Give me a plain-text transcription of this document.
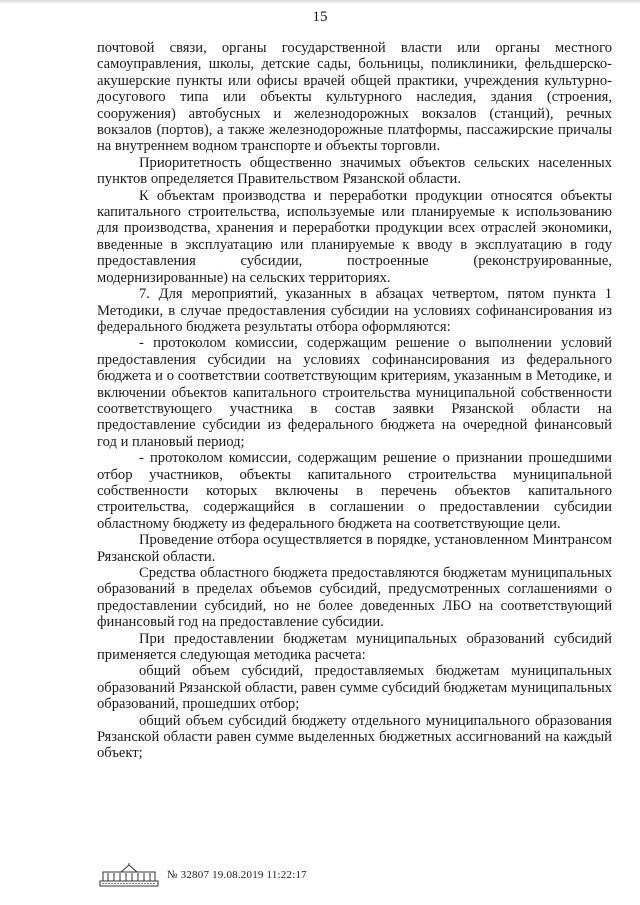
15

почтовой связи, органы государственной власти или органы местного самоуправления, школы, детские сады, больницы, поликлиники, фельдшерско-акушерские пункты или офисы врачей общей практики, учреждения культурно-досугового типа или объекты культурного наследия, здания (строения, сооружения) автобусных и железнодорожных вокзалов (станций), речных вокзалов (портов), а также железнодорожные платформы, пассажирские причалы на внутреннем водном транспорте и объекты торговли.

Приоритетность общественно значимых объектов сельских населенных пунктов определяется Правительством Рязанской области.

К объектам производства и переработки продукции относятся объекты капитального строительства, используемые или планируемые к использованию для производства, хранения и переработки продукции всех отраслей экономики, введенные в эксплуатацию или планируемые к вводу в эксплуатацию в году предоставления субсидии, построенные (реконструированные, модернизированные) на сельских территориях.

7. Для мероприятий, указанных в абзацах четвертом, пятом пункта 1 Методики, в случае предоставления субсидии на условиях софинансирования из федерального бюджета результаты отбора оформляются:

- протоколом комиссии, содержащим решение о выполнении условий предоставления субсидии на условиях софинансирования из федерального бюджета и о соответствии соответствующим критериям, указанным в Методике, и включении объектов капитального строительства муниципальной собственности соответствующего участника в состав заявки Рязанской области на предоставление субсидии из федерального бюджета на очередной финансовый год и плановый период;

- протоколом комиссии, содержащим решение о признании прошедшими отбор участников, объекты капитального строительства муниципальной собственности которых включены в перечень объектов капитального строительства, содержащийся в соглашении о предоставлении субсидии областному бюджету из федерального бюджета на соответствующие цели.

Проведение отбора осуществляется в порядке, установленном Минтрансом Рязанской области.

Средства областного бюджета предоставляются бюджетам муниципальных образований в пределах объемов субсидий, предусмотренных соглашениями о предоставлении субсидий, но не более доведенных ЛБО на соответствующий финансовый год на предоставление субсидии.

При предоставлении бюджетам муниципальных образований субсидий применяется следующая методика расчета:

общий объем субсидий, предоставляемых бюджетам муниципальных образований Рязанской области, равен сумме субсидий бюджетам муниципальных образований, прошедших отбор;

общий объем субсидий бюджету отдельного муниципального образования Рязанской области равен сумме выделенных бюджетных ассигнований на каждый объект;

№ 32807 19.08.2019 11:22:17
